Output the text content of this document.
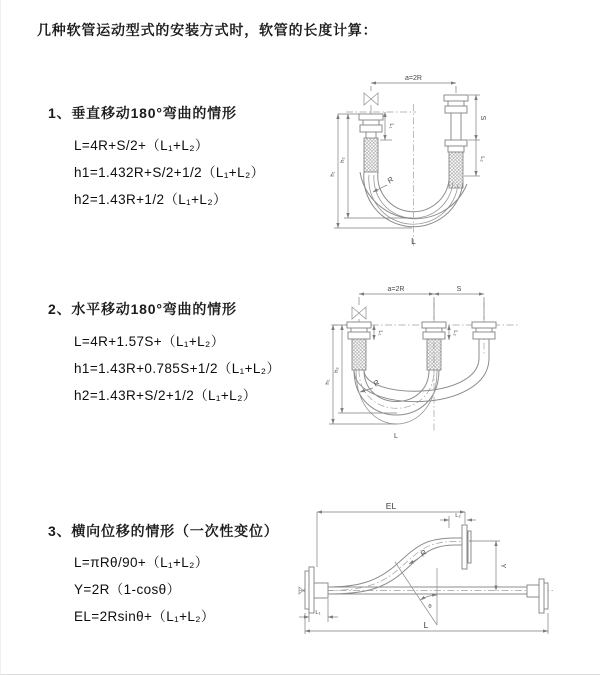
几种软管运动型式的安装方式时，软管的长度计算：
1、垂直移动180°弯曲的情形
L=4R+S/2+（L₁+L₂）
h1=1.432R+S/2+1/2（L₁+L₂）
h2=1.43R+1/2（L₁+L₂）
a=2R
L₁
S
L₂
h₁
h₂
R
L
2、水平移动180°弯曲的情形
L=4R+1.57S+（L₁+L₂）
h1=1.43R+0.785S+1/2（L₁+L₂）
h2=1.43R+S/2+1/2（L₁+L₂）
a=2R	S
L₁	L₂
h₁
h₂
R
L
3、横向位移的情形（一次性变位）
L=πRθ/90+（L₁+L₂）
Y=2R（1-cosθ）
EL=2Rsinθ+（L₁+L₂）
EL
L₂
θ
R
Y
L₁
L
